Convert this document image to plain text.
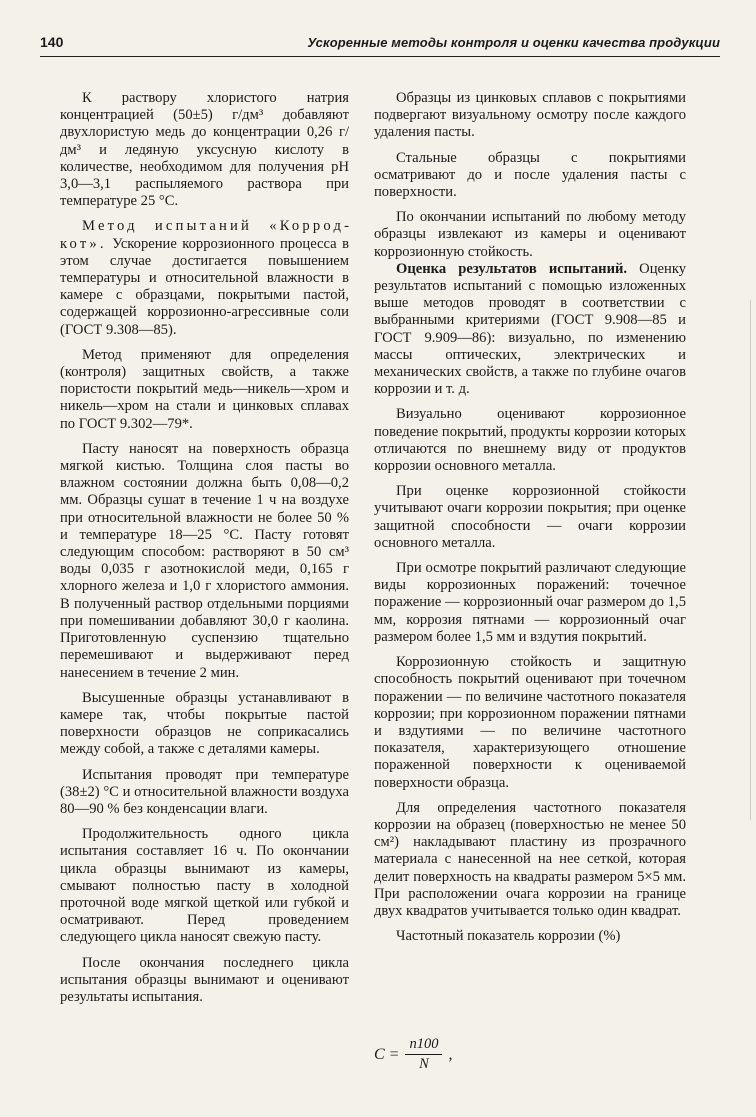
140	Ускоренные методы контроля и оценки качества продукции

К раствору хлористого натрия концентрацией (50±5) г/дм³ добавляют двухлористую медь до концентрации 0,26 г/дм³ и ледяную уксусную кислоту в количестве, необходимом для получения pH 3,0—3,1 распыляемого раствора при температуре 25 °С.

Метод испытаний «Корродкот». Ускорение коррозионного процесса в этом случае достигается повышением температуры и относительной влажности в камере с образцами, покрытыми пастой, содержащей коррозионно-агрессивные соли (ГОСТ 9.308—85).

Метод применяют для определения (контроля) защитных свойств, а также пористости покрытий медь—никель—хром и никель—хром на стали и цинковых сплавах по ГОСТ 9.302—79*.

Пасту наносят на поверхность образца мягкой кистью. Толщина слоя пасты во влажном состоянии должна быть 0,08—0,2 мм. Образцы сушат в течение 1 ч на воздухе при относительной влажности не более 50 % и температуре 18—25 °С. Пасту готовят следующим способом: растворяют в 50 см³ воды 0,035 г азотнокислой меди, 0,165 г хлорного железа и 1,0 г хлористого аммония. В полученный раствор отдельными порциями при помешивании добавляют 30,0 г каолина. Приготовленную суспензию тщательно перемешивают и выдерживают перед нанесением в течение 2 мин.

Высушенные образцы устанавливают в камере так, чтобы покрытые пастой поверхности образцов не соприкасались между собой, а также с деталями камеры.

Испытания проводят при температуре (38±2) °С и относительной влажности воздуха 80—90 % без конденсации влаги.

Продолжительность одного цикла испытания составляет 16 ч. По окончании цикла образцы вынимают из камеры, смывают полностью пасту в холодной проточной воде мягкой щеткой или губкой и осматривают. Перед проведением следующего цикла наносят свежую пасту.

После окончания последнего цикла испытания образцы вынимают и оценивают результаты испытания.

Образцы из цинковых сплавов с покрытиями подвергают визуальному осмотру после каждого удаления пасты.

Стальные образцы с покрытиями осматривают до и после удаления пасты с поверхности.

По окончании испытаний по любому методу образцы извлекают из камеры и оценивают коррозионную стойкость.

Оценка результатов испытаний. Оценку результатов испытаний с помощью изложенных выше методов проводят в соответствии с выбранными критериями (ГОСТ 9.908—85 и ГОСТ 9.909—86): визуально, по изменению массы оптических, электрических и механических свойств, а также по глубине очагов коррозии и т. д.

Визуально оценивают коррозионное поведение покрытий, продукты коррозии которых отличаются по внешнему виду от продуктов коррозии основного металла.

При оценке коррозионной стойкости учитывают очаги коррозии покрытия; при оценке защитной способности — очаги коррозии основного металла.

При осмотре покрытий различают следующие виды коррозионных поражений: точечное поражение — коррозионный очаг размером до 1,5 мм, коррозия пятнами — коррозионный очаг размером более 1,5 мм и вздутия покрытий.

Коррозионную стойкость и защитную способность покрытий оценивают при точечном поражении — по величине частотного показателя коррозии; при коррозионном поражении пятнами и вздутиями — по величине частотного показателя, характеризующего отношение пораженной поверхности к оцениваемой поверхности образца.

Для определения частотного показателя коррозии на образец (поверхностью не менее 50 см²) накладывают пластину из прозрачного материала с нанесенной на нее сеткой, которая делит поверхность на квадраты размером 5×5 мм. При расположении очага коррозии на границе двух квадратов учитывается только один квадрат.

Частотный показатель коррозии (%)

$C = \frac{n100}{N}$ ,
